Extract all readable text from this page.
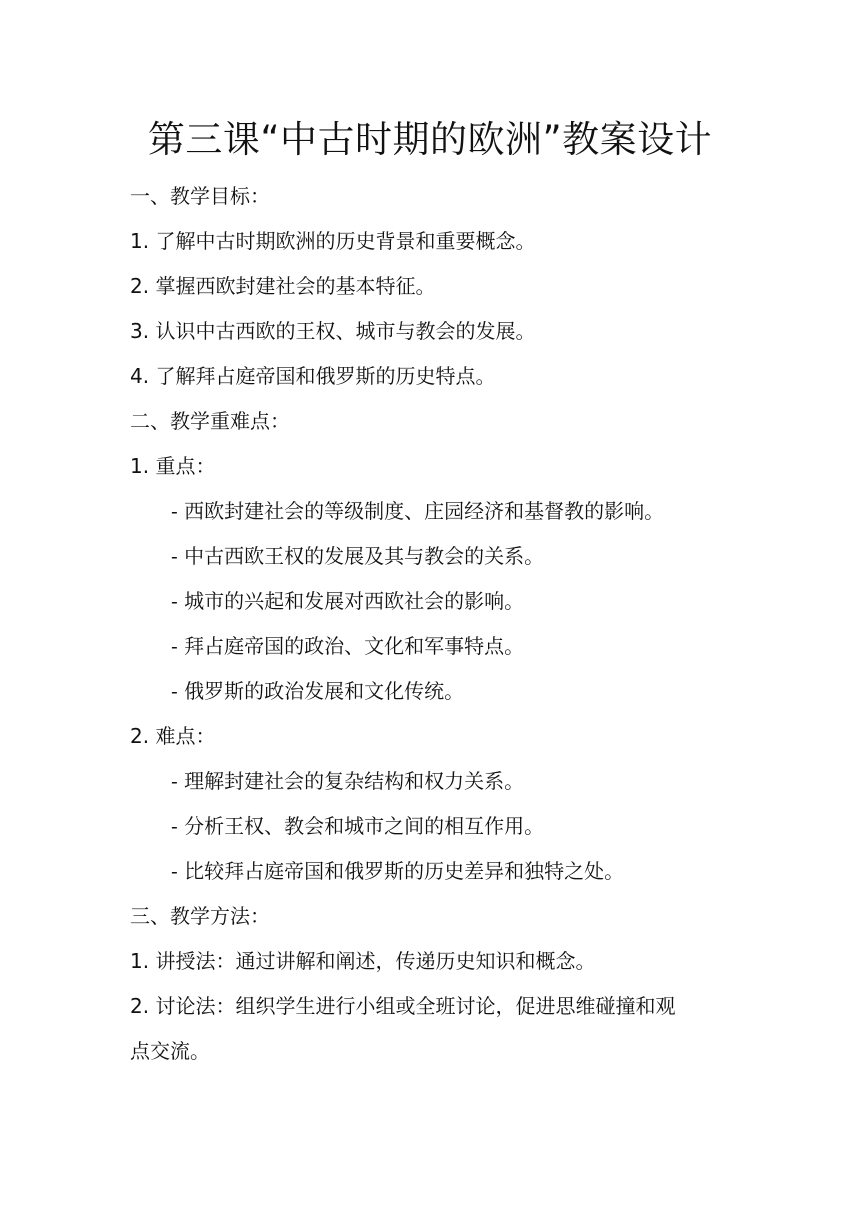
第三课“中古时期的欧洲”教案设计
一、教学目标：
1. 了解中古时期欧洲的历史背景和重要概念。
2. 掌握西欧封建社会的基本特征。
3. 认识中古西欧的王权、城市与教会的发展。
4. 了解拜占庭帝国和俄罗斯的历史特点。
二、教学重难点：
1. 重点：
- 西欧封建社会的等级制度、庄园经济和基督教的影响。
- 中古西欧王权的发展及其与教会的关系。
- 城市的兴起和发展对西欧社会的影响。
- 拜占庭帝国的政治、文化和军事特点。
- 俄罗斯的政治发展和文化传统。
2. 难点：
- 理解封建社会的复杂结构和权力关系。
- 分析王权、教会和城市之间的相互作用。
- 比较拜占庭帝国和俄罗斯的历史差异和独特之处。
三、教学方法：
1. 讲授法：通过讲解和阐述，传递历史知识和概念。
2. 讨论法：组织学生进行小组或全班讨论，促进思维碰撞和观
点交流。
